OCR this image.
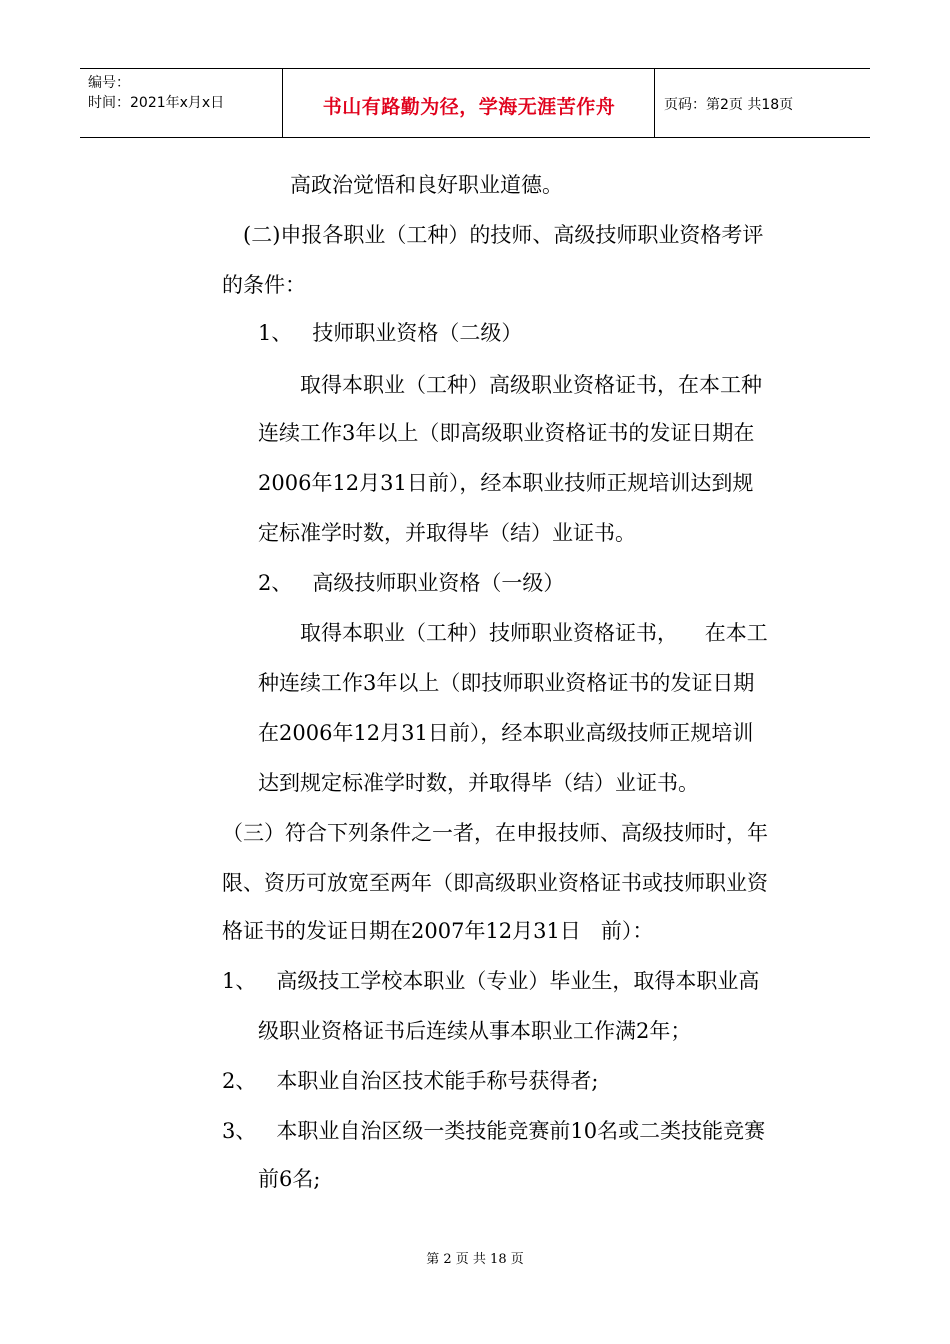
编号：
时间：2021年x月x日	书山有路勤为径，学海无涯苦作舟	页码：第2页 共18页
高政治觉悟和良好职业道德。
(二)申报各职业（工种）的技师、高级技师职业资格考评
的条件：
1、   技师职业资格（二级）
取得本职业（工种）高级职业资格证书，在本工种
连续工作3年以上（即高级职业资格证书的发证日期在
2006年12月31日前），经本职业技师正规培训达到规
定标准学时数，并取得毕（结）业证书。
2、   高级技师职业资格（一级）
取得本职业（工种）技师职业资格证书，    在本工
种连续工作3年以上（即技师职业资格证书的发证日期
在2006年12月31日前），经本职业高级技师正规培训
达到规定标准学时数，并取得毕（结）业证书。
（三）符合下列条件之一者，在申报技师、高级技师时，年
限、资历可放宽至两年（即高级职业资格证书或技师职业资
格证书的发证日期在2007年12月31日   前）：
1、   高级技工学校本职业（专业）毕业生，取得本职业高
级职业资格证书后连续从事本职业工作满2年；
2、   本职业自治区技术能手称号获得者;
3、   本职业自治区级一类技能竞赛前10名或二类技能竞赛
前6名;
第 2 页 共 18 页
